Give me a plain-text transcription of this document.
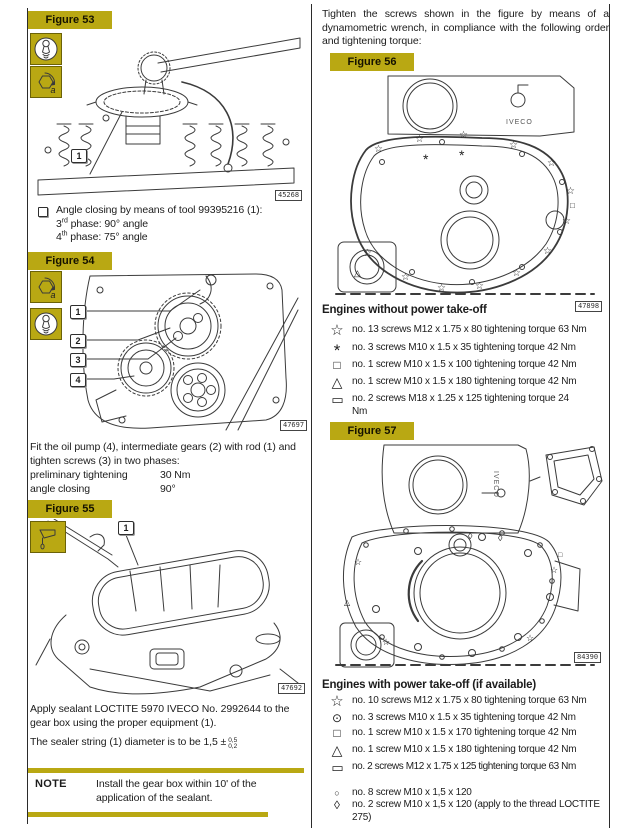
Figure 53
a
1
45268
Angle closing by means of tool 99395216 (1):
3rd phase: 90° angle
4th phase: 75° angle
Figure 54
a
1
2
3
4
47697
Fit the oil pump (4), intermediate gears (2) with rod (1) and tighten screws (3) in two phases:
preliminary tightening	30 Nm
angle closing	90°
Figure 55
1
47692
Apply sealant LOCTITE 5970 IVECO No. 2992644 to the gear box using the proper equipment (1).
The sealer string (1) diameter is to be 1,5 ± 0,5
0,2
NOTE	Install the gear box within 10' of the application of the sealant.
Tighten the screws shown in the figure by means of a dynamometric wrench, in compliance with the following order and tightening torque:
Figure 56
IVECO
☆
☆	☆
☆
☆
☆
☆
☆
☆
☆
☆
☆
☆
* *
□
△
47898
Engines without power take-off
☆ no. 13 screws M12 x 1.75 x 80 tightening torque 63 Nm
*	no. 3 screws M10 x 1.5 x 35 tightening torque 42 Nm
□	no. 1 screw M10 x 1.5 x 100 tightening torque 42 Nm
△ no. 1 screw M10 x 1.5 x 180 tightening torque 42 Nm
▭ no. 2 screws M18 x 1.25 x 125 tightening torque 24 Nm
Figure 57
IVECO
◊	◊
☆
☆
☆
☆
△
□
84390
Engines with power take-off (if available)
☆ no. 10 screws M12 x 1.75 x 80 tightening torque 63 Nm
⊙ no. 3 screws M10 x 1.5 x 35 tightening torque 42 Nm
□	no. 1 screw M10 x 1.5 x 170 tightening torque 42 Nm
△ no. 1 screw M10 x 1.5 x 180 tightening torque 42 Nm
▭ no. 2 screws M12 x 1.75 x 125 tightening torque 63 Nm
○	no. 8 screw M10 x 1,5 x 120
◊	no. 2 screw M10 x 1,5 x 120 (apply to the thread LOCTITE 275)
